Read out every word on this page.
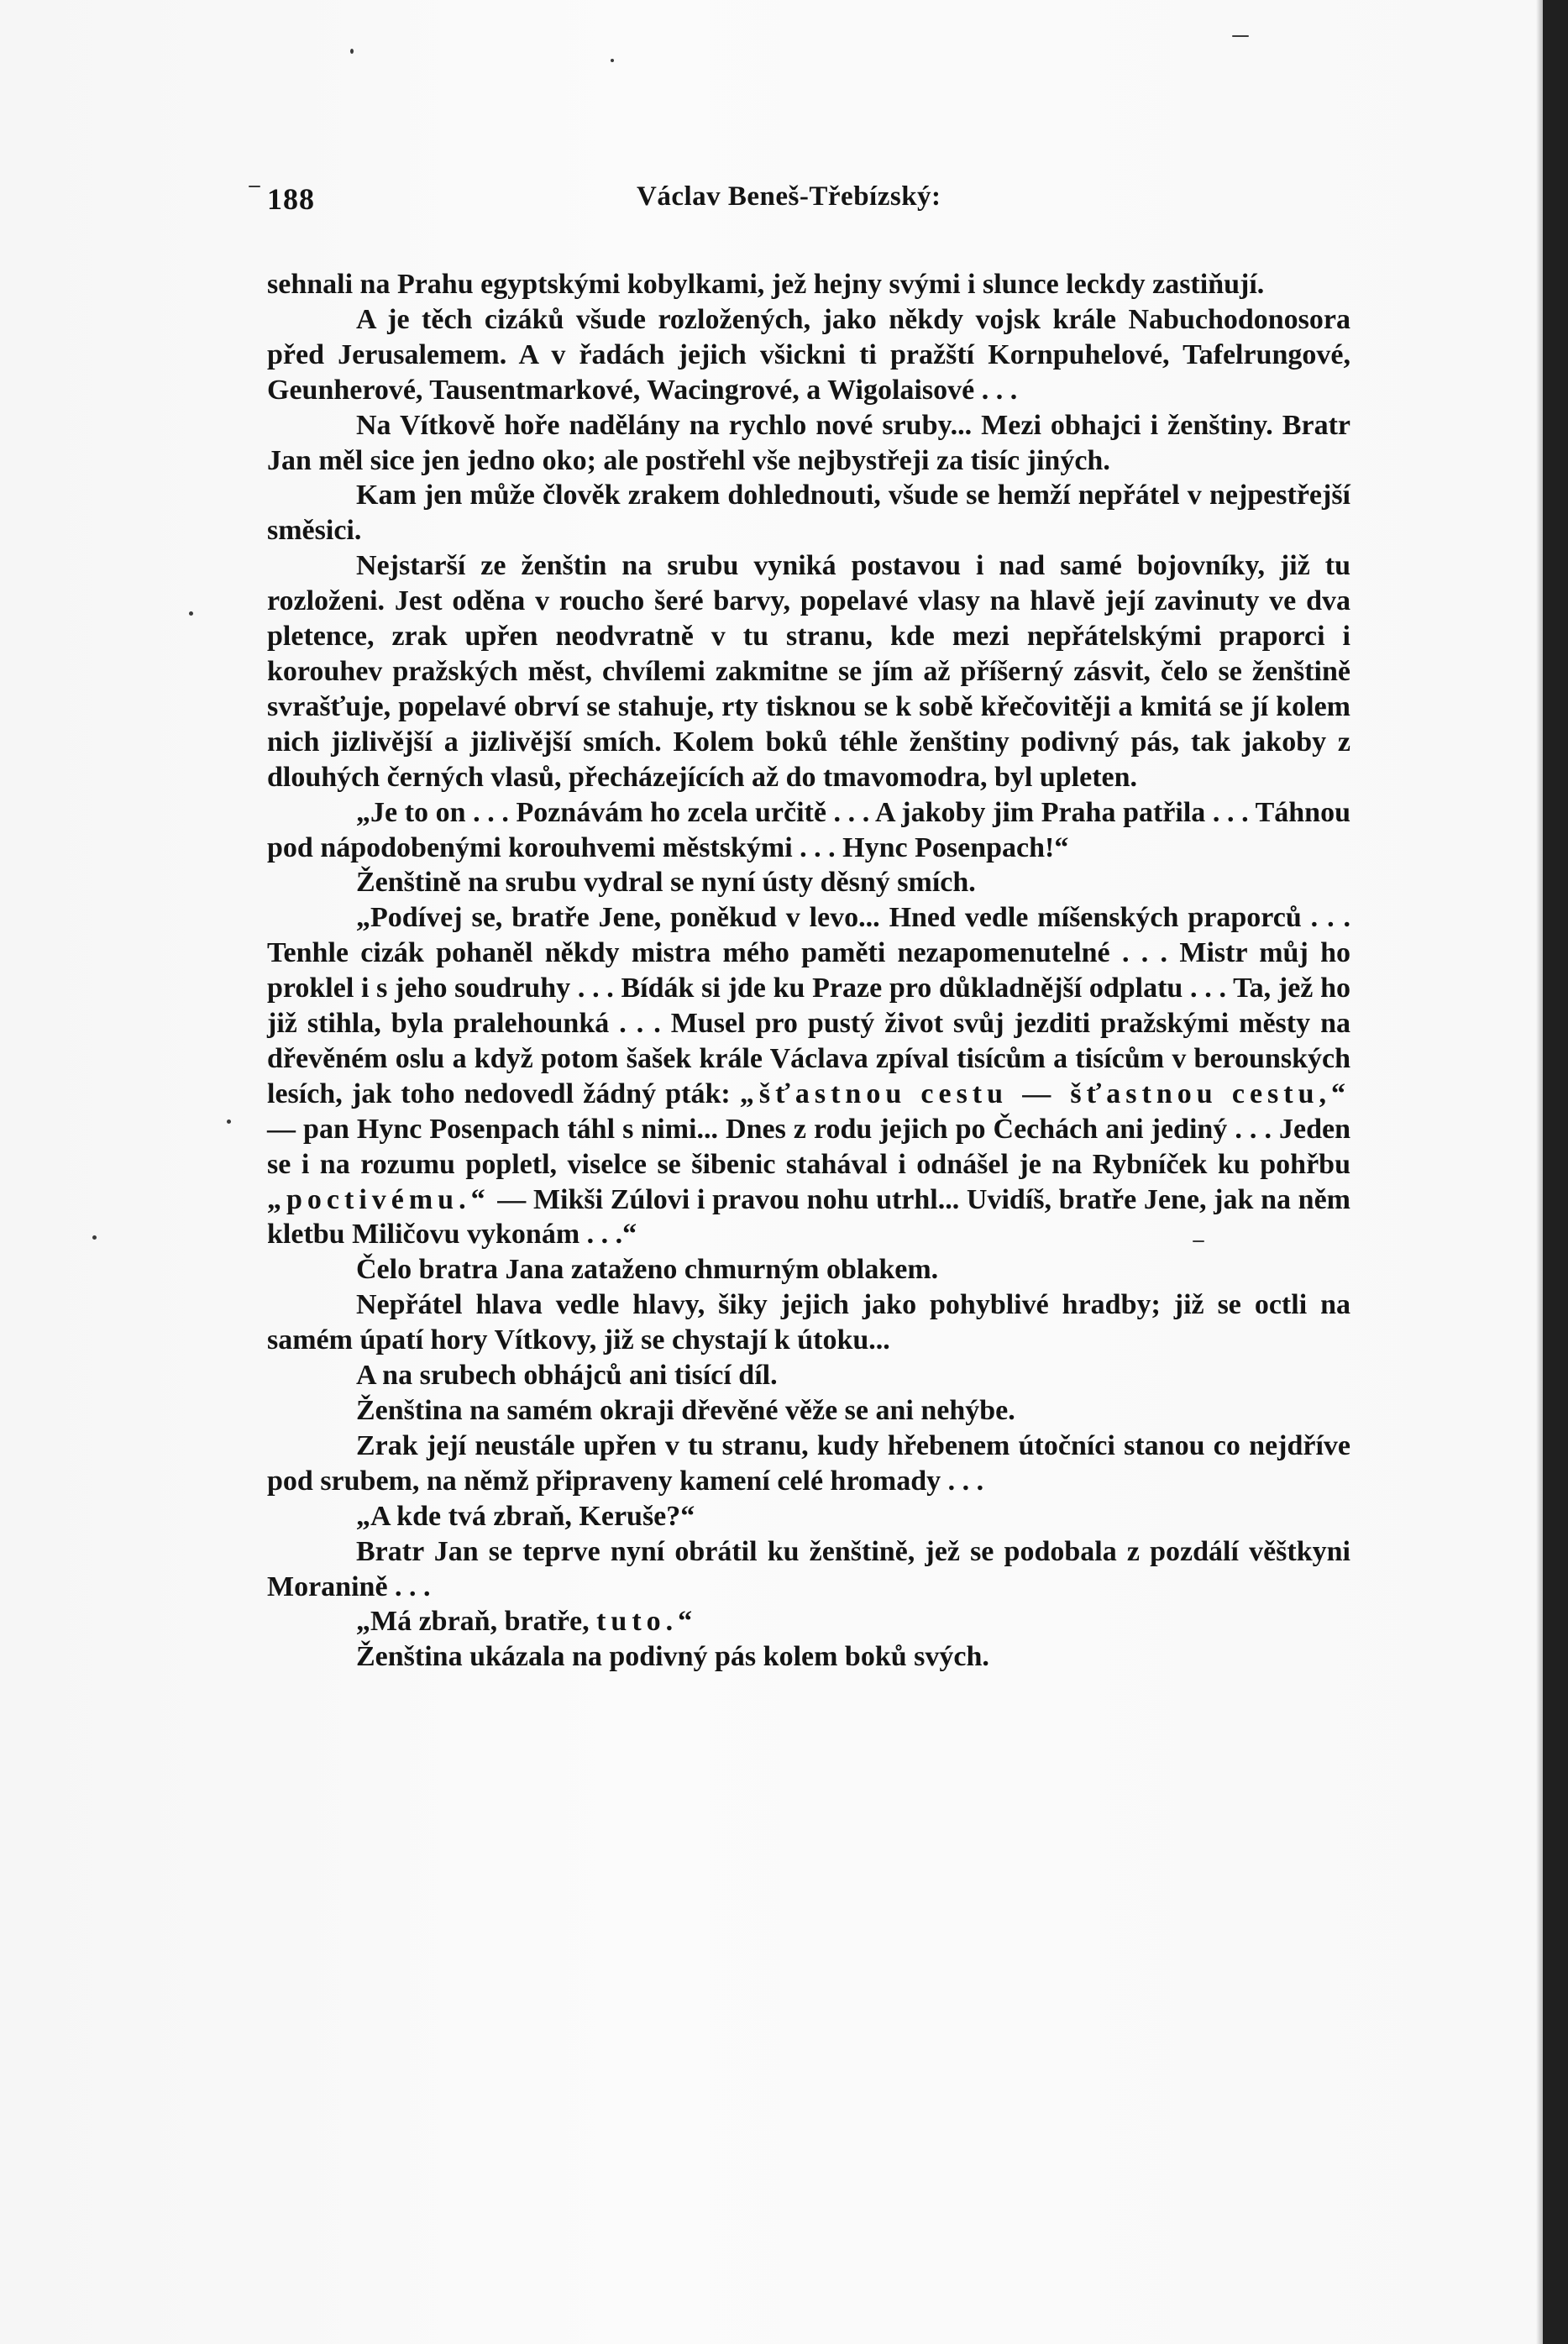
188	Václav Beneš-Třebízský:

sehnali na Prahu egyptskými kobylkami, jež hejny svými i slunce leckdy zastiňují.

A je těch cizáků všude rozložených, jako někdy vojsk krále Nabuchodonosora před Jerusalemem. A v řadách jejich všickni ti pražští Kornpuhelové, Tafelrungové, Geunherové, Tausentmarkové, Wacingrové, a Wigolaisové . . .

Na Vítkově hoře nadělány na rychlo nové sruby... Mezi obhajci i ženštiny. Bratr Jan měl sice jen jedno oko; ale postřehl vše nejbystřeji za tisíc jiných.

Kam jen může člověk zrakem dohlednouti, všude se hemží nepřátel v nejpestřejší směsici.

Nejstarší ze ženštin na srubu vyniká postavou i nad samé bojovníky, již tu rozloženi. Jest oděna v roucho šeré barvy, popelavé vlasy na hlavě její zavinuty ve dva pletence, zrak upřen neodvratně v tu stranu, kde mezi nepřátelskými praporci i korouhev pražských měst, chvílemi zakmitne se jím až příšerný zásvit, čelo se ženštině svrašťuje, popelavé obrví se stahuje, rty tisknou se k sobě křečovitěji a kmitá se jí kolem nich jizlivější a jizlivější smích. Kolem boků téhle ženštiny podivný pás, tak jakoby z dlouhých černých vlasů, přecházejících až do tmavomodra, byl upleten.

„Je to on . . . Poznávám ho zcela určitě . . . A jakoby jim Praha patřila . . . Táhnou pod nápodobenými korouhvemi městskými . . . Hync Posenpach!“

Ženštině na srubu vydral se nyní ústy děsný smích.

„Podívej se, bratře Jene, poněkud v levo... Hned vedle míšenských praporců . . . Tenhle cizák pohaněl někdy mistra mého paměti nezapomenutelné . . . Mistr můj ho proklel i s jeho soudruhy . . . Bídák si jde ku Praze pro důkladnější odplatu . . . Ta, jež ho již stihla, byla pralehounká . . . Musel pro pustý život svůj jezditi pražskými městy na dřevěném oslu a když potom šašek krále Václava zpíval tisícům a tisícům v berounských lesích, jak toho nedovedl žádný pták: „šťastnou cestu — šťastnou cestu,“ — pan Hync Posenpach táhl s nimi... Dnes z rodu jejich po Čechách ani jediný . . . Jeden se i na rozumu popletl, viselce se šibenic stahával i odnášel je na Rybníček ku pohřbu „poctivému.“ — Mikši Zúlovi i pravou nohu utrhl... Uvidíš, bratře Jene, jak na něm kletbu Miličovu vykonám . . .“

Čelo bratra Jana zataženo chmurným oblakem.

Nepřátel hlava vedle hlavy, šiky jejich jako pohyblivé hradby; již se octli na samém úpatí hory Vítkovy, již se chystají k útoku...

A na srubech obhájců ani tisící díl.

Ženština na samém okraji dřevěné věže se ani nehýbe.

Zrak její neustále upřen v tu stranu, kudy hřebenem útočníci stanou co nejdříve pod srubem, na němž připraveny kamení celé hromady . . .

„A kde tvá zbraň, Keruše?“

Bratr Jan se teprve nyní obrátil ku ženštině, jež se podobala z pozdálí věštkyni Moranině . . .

„Má zbraň, bratře, tuto.“

Ženština ukázala na podivný pás kolem boků svých.
